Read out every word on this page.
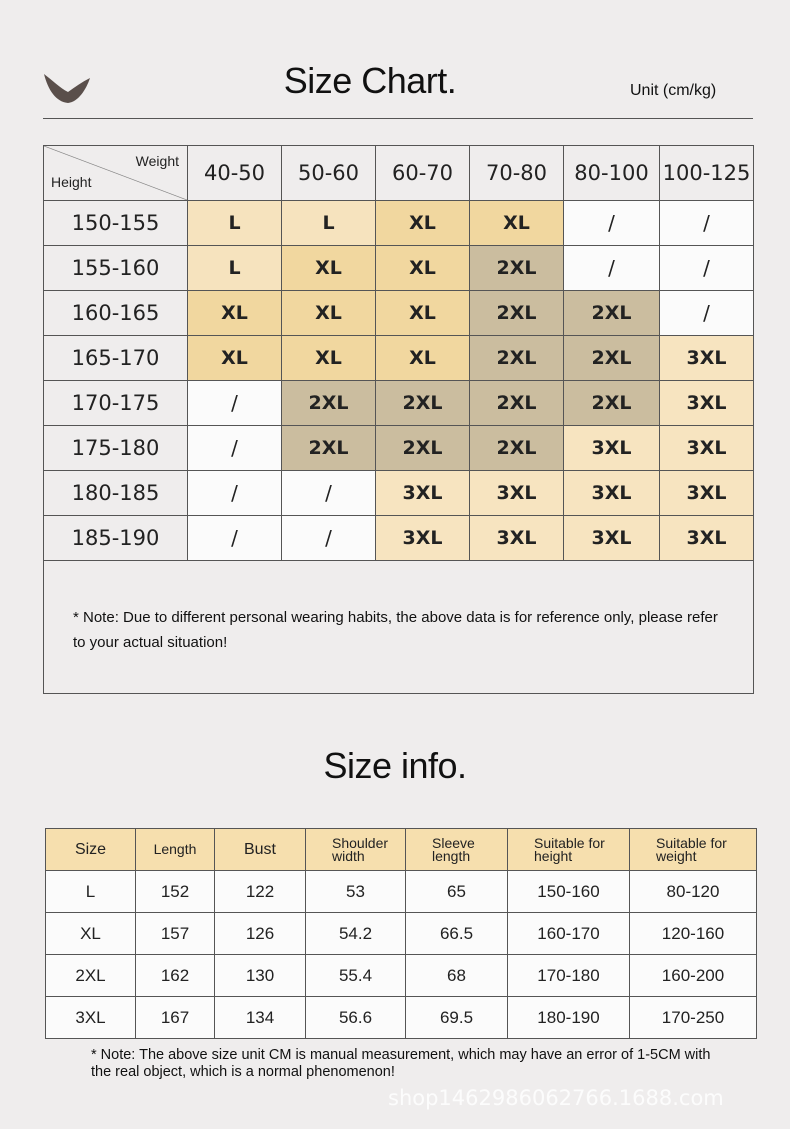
Size Chart.	Unit (cm/kg)
Weight
Height	40-50	50-60	60-70	70-80	80-100	100-125
150-155	L	L	XL	XL	/	/
155-160	L	XL	XL	2XL	/	/
160-165	XL	XL	XL	2XL	2XL	/
165-170	XL	XL	XL	2XL	2XL	3XL
170-175	/	2XL	2XL	2XL	2XL	3XL
175-180	/	2XL	2XL	2XL	3XL	3XL
180-185	/	/	3XL	3XL	3XL	3XL
185-190	/	/	3XL	3XL	3XL	3XL
* Note: Due to different personal wearing habits, the above data is for reference only, please refer to your actual situation!
Size info.
Size	Length	Bust	Shoulder width	Sleeve length	Suitable for height	Suitable for weight
L	152	122	53	65	150-160	80-120
XL	157	126	54.2	66.5	160-170	120-160
2XL	162	130	55.4	68	170-180	160-200
3XL	167	134	56.6	69.5	180-190	170-250
* Note: The above size unit CM is manual measurement, which may have an error of 1-5CM with the real object, which is a normal phenomenon!
shop1462986062766.1688.com
